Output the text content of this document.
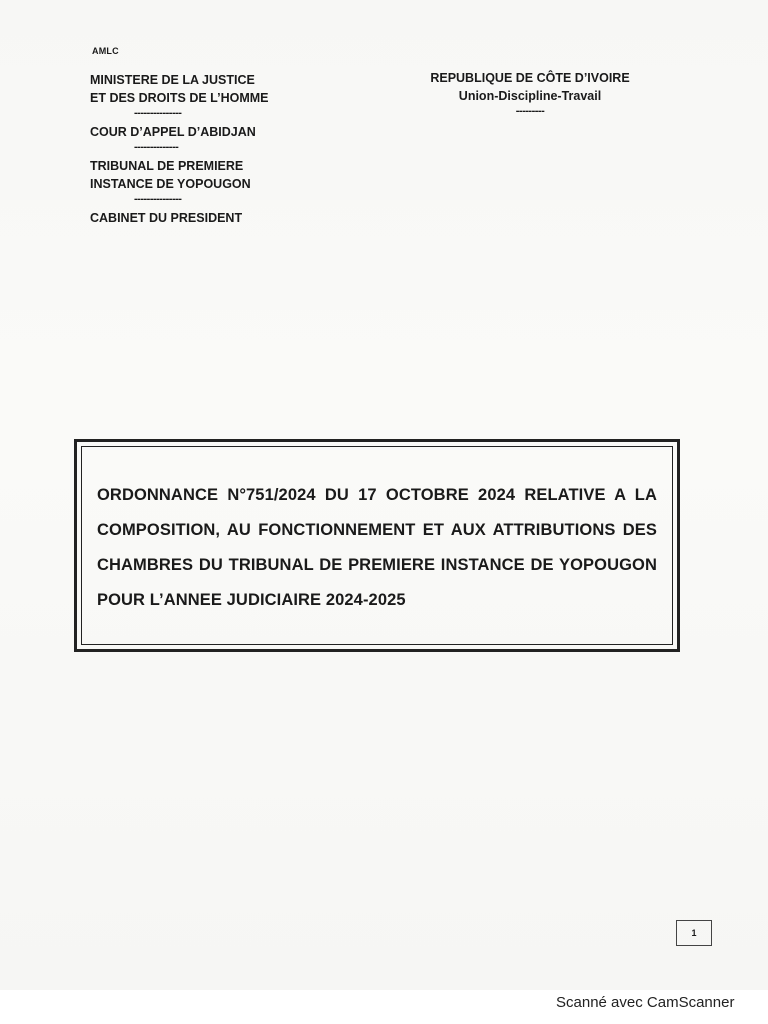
AMLC
MINISTERE DE LA JUSTICE
ET DES DROITS DE L’HOMME
---------------
COUR D’APPEL D’ABIDJAN
--------------
TRIBUNAL DE PREMIERE
INSTANCE DE YOPOUGON
---------------
CABINET DU PRESIDENT
REPUBLIQUE DE CÔTE D’IVOIRE
Union-Discipline-Travail
---------
ORDONNANCE N°751/2024 DU 17 OCTOBRE 2024 RELATIVE A LA COMPOSITION, AU FONCTIONNEMENT ET AUX ATTRIBUTIONS DES CHAMBRES DU TRIBUNAL DE PREMIERE INSTANCE DE YOPOUGON POUR L’ANNEE JUDICIAIRE 2024-2025
1
Scanné avec CamScanner
